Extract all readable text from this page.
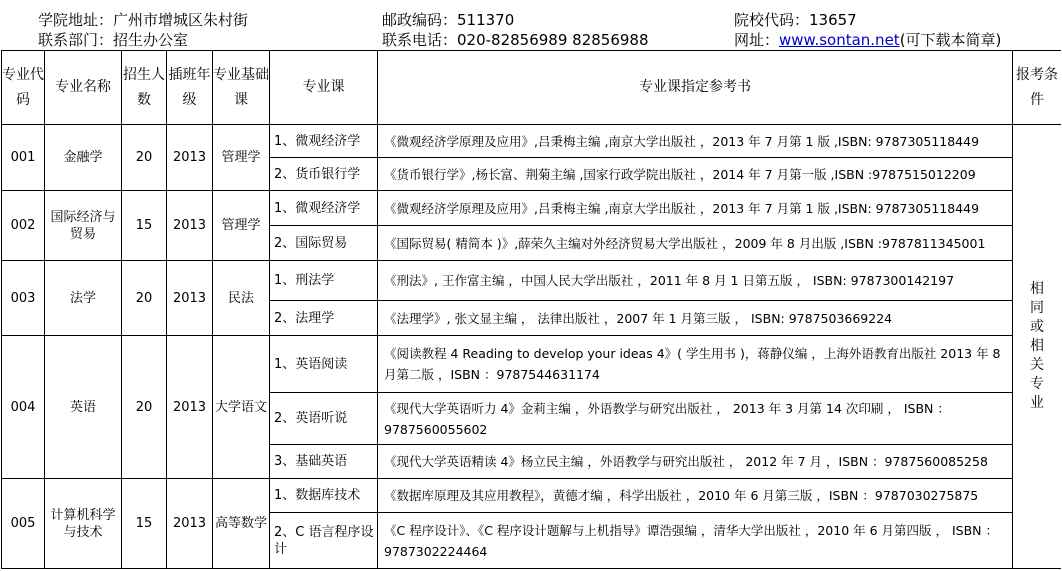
学院地址：广州市增城区朱村街	邮政编码：511370	院校代码：13657
联系部门：招生办公室	联系电话：020-82856989 82856988	网址：www.sontan.net(可下载本简章)
专业代码	专业名称	招生人数	插班年级	专业基础课	专业课	专业课指定参考书	报考条件
001	金融学	20	2013	管理学	1、微观经济学	《微观经济学原理及应用》,吕秉梅主编 ,南京大学出版社 ，2013 年 7 月第 1 版 ,ISBN: 9787305118449	相同或相关专业
					2、货币银行学	《货币银行学》,杨长富、荆菊主编 ,国家行政学院出版社 ，2014 年 7 月第一版 ,ISBN :9787515012209	
002	国际经济与贸易	15	2013	管理学	1、微观经济学	《微观经济学原理及应用》,吕秉梅主编 ,南京大学出版社 ，2013 年 7 月第 1 版 ,ISBN: 9787305118449	
					2、国际贸易	《国际贸易( 精简本 )》,薛荣久主编对外经济贸易大学出版社 ，2009 年 8 月出版 ,ISBN :9787811345001	
003	法学	20	2013	民法	1、刑法学	《刑法》, 王作富主编 ，中国人民大学出版社 ，2011 年 8 月 1 日第五版 ， ISBN: 9787300142197	
					2、法理学	《法理学》, 张文显主编 ， 法律出版社 ，2007 年 1 月第三版 ， ISBN: 9787503669224	
004	英语	20	2013	大学语文	1、英语阅读	《阅读教程 4 Reading to develop your ideas 4》( 学生用书 )，蒋静仪编 ，上海外语教育出版社 2013 年 8 月第二版 ，ISBN ：9787544631174	
					2、英语听说	《现代大学英语听力 4》金莉主编 ，外语教学与研究出版社 ， 2013 年 3 月第 14 次印刷 ， ISBN ：9787560055602	
					3、基础英语	《现代大学英语精读 4》杨立民主编 ，外语教学与研究出版社 ， 2012 年 7 月 ，ISBN ：9787560085258	
005	计算机科学与技术	15	2013	高等数学	1、数据库技术	《数据库原理及其应用教程》，黄德才编 ，科学出版社 ，2010 年 6 月第三版 ，ISBN ：9787030275875	
					2、C 语言程序设计	《C 程序设计》、《C 程序设计题解与上机指导》谭浩强编 ，清华大学出版社 ，2010 年 6 月第四版 ， ISBN ：9787302224464	
